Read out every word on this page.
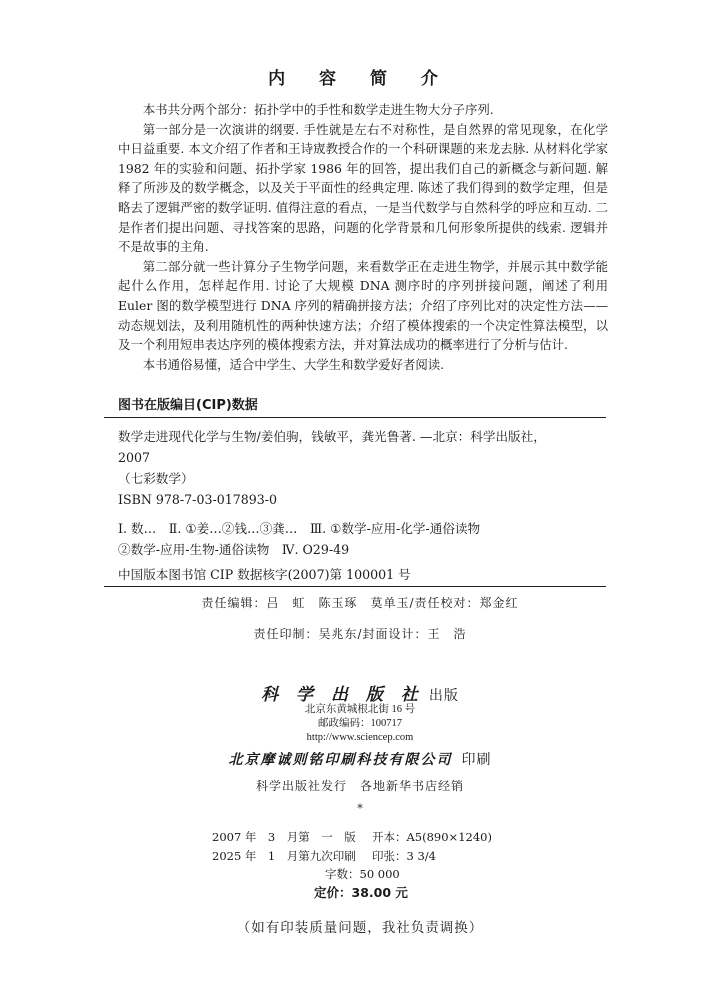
内 容 简 介

本书共分两个部分：拓扑学中的手性和数学走进生物大分子序列.

第一部分是一次演讲的纲要. 手性就是左右不对称性，是自然界的常见现象，在化学中日益重要. 本文介绍了作者和王诗宬教授合作的一个科研课题的来龙去脉. 从材料化学家 1982 年的实验和问题、拓扑学家 1986 年的回答，提出我们自己的新概念与新问题. 解释了所涉及的数学概念，以及关于平面性的经典定理. 陈述了我们得到的数学定理，但是略去了逻辑严密的数学证明. 值得注意的看点，一是当代数学与自然科学的呼应和互动. 二是作者们提出问题、寻找答案的思路，问题的化学背景和几何形象所提供的线索. 逻辑并不是故事的主角.

第二部分就一些计算分子生物学问题，来看数学正在走进生物学，并展示其中数学能起什么作用，怎样起作用. 讨论了大规模 DNA 测序时的序列拼接问题，阐述了利用 Euler 图的数学模型进行 DNA 序列的精确拼接方法；介绍了序列比对的决定性方法——动态规划法，及利用随机性的两种快速方法；介绍了模体搜索的一个决定性算法模型，以及一个利用短串表达序列的模体搜索方法，并对算法成功的概率进行了分析与估计.

本书通俗易懂，适合中学生、大学生和数学爱好者阅读.

图书在版编目(CIP)数据
数学走进现代化学与生物/姜伯驹，钱敏平，龚光鲁著. —北京：科学出版社，
2007
（七彩数学）
ISBN 978-7-03-017893-0
Ⅰ. 数…　Ⅱ. ①姜…②钱…③龚…　Ⅲ. ①数学-应用-化学-通俗读物
②数学-应用-生物-通俗读物　Ⅳ. O29-49
中国版本图书馆 CIP 数据核字(2007)第 100001 号
责任编辑：吕　虹　陈玉琢　莫单玉/责任校对：郑金红
责任印制：吴兆东/封面设计：王　浩
科 学 出 版 社 出版
北京东黄城根北街 16 号
邮政编码：100717
http://www.sciencep.com
北京摩诚则铭印刷科技有限公司 印刷
科学出版社发行　各地新华书店经销
*
2007 年　3　月第　一　版 开本：A5(890×1240)
2025 年　1　月第九次印刷 印张：3 3/4
字数：50 000
定价：38.00 元
（如有印装质量问题，我社负责调换）
